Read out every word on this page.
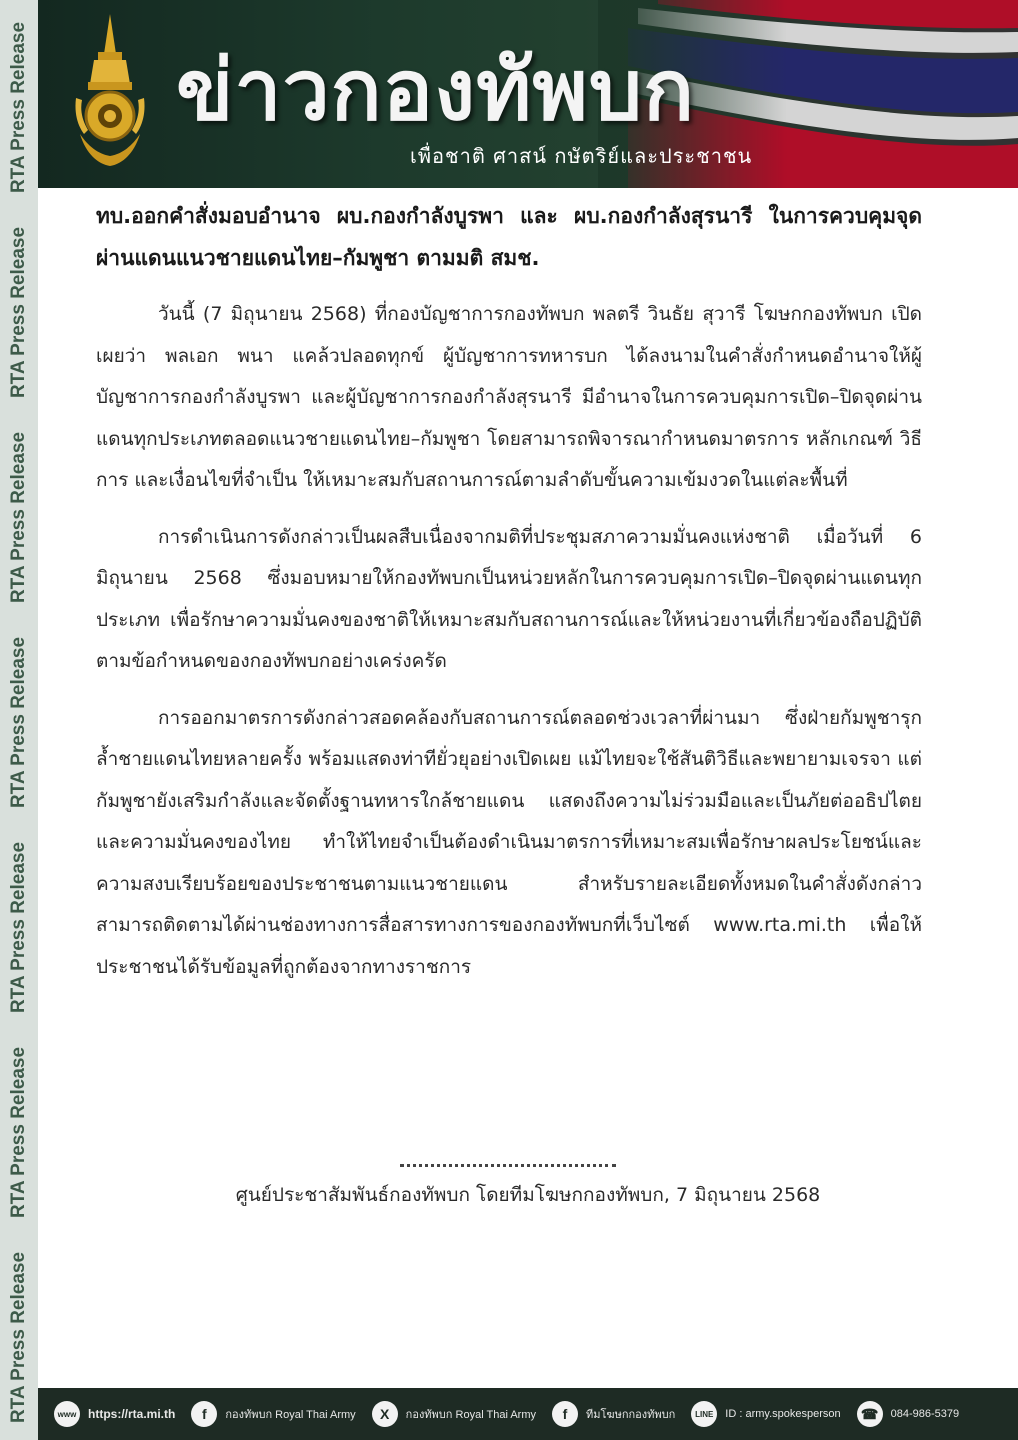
RTA Press Release
RTA Press Release
RTA Press Release
RTA Press Release
RTA Press Release
RTA Press Release
RTA Press Release ข่าวกองทัพบก
เพื่อชาติ ศาสน์ กษัตริย์และประชาชน
ทบ.ออกคำสั่งมอบอำนาจ ผบ.กองกำลังบูรพา และ ผบ.กองกำลังสุรนารี ในการควบคุมจุดผ่านแดนแนวชายแดนไทย–กัมพูชา ตามมติ สมช.

วันนี้ (7 มิถุนายน 2568) ที่กองบัญชาการกองทัพบก พลตรี วินธัย สุวารี โฆษกกองทัพบก เปิดเผยว่า พลเอก พนา แคล้วปลอดทุกข์ ผู้บัญชาการทหารบก ได้ลงนามในคำสั่งกำหนดอำนาจให้ผู้บัญชาการกองกำลังบูรพา และผู้บัญชาการกองกำลังสุรนารี มีอำนาจในการควบคุมการเปิด–ปิดจุดผ่านแดนทุกประเภทตลอดแนวชายแดนไทย–กัมพูชา โดยสามารถพิจารณากำหนดมาตรการ หลักเกณฑ์ วิธีการ และเงื่อนไขที่จำเป็น ให้เหมาะสมกับสถานการณ์ตามลำดับขั้นความเข้มงวดในแต่ละพื้นที่

การดำเนินการดังกล่าวเป็นผลสืบเนื่องจากมติที่ประชุมสภาความมั่นคงแห่งชาติ เมื่อวันที่ 6 มิถุนายน 2568 ซึ่งมอบหมายให้กองทัพบกเป็นหน่วยหลักในการควบคุมการเปิด–ปิดจุดผ่านแดนทุกประเภท เพื่อรักษาความมั่นคงของชาติให้เหมาะสมกับสถานการณ์และให้หน่วยงานที่เกี่ยวข้องถือปฏิบัติตามข้อกำหนดของกองทัพบกอย่างเคร่งครัด

การออกมาตรการดังกล่าวสอดคล้องกับสถานการณ์ตลอดช่วงเวลาที่ผ่านมา ซึ่งฝ่ายกัมพูชารุกล้ำชายแดนไทยหลายครั้ง พร้อมแสดงท่าทียั่วยุอย่างเปิดเผย แม้ไทยจะใช้สันติวิธีและพยายามเจรจา แต่กัมพูชายังเสริมกำลังและจัดตั้งฐานทหารใกล้ชายแดน แสดงถึงความไม่ร่วมมือและเป็นภัยต่ออธิปไตยและความมั่นคงของไทย ทำให้ไทยจำเป็นต้องดำเนินมาตรการที่เหมาะสมเพื่อรักษาผลประโยชน์และความสงบเรียบร้อยของประชาชนตามแนวชายแดน สำหรับรายละเอียดทั้งหมดในคำสั่งดังกล่าวสามารถติดตามได้ผ่านช่องทางการสื่อสารทางการของกองทัพบกที่เว็บไซต์ www.rta.mi.th เพื่อให้ประชาชนได้รับข้อมูลที่ถูกต้องจากทางราชการ

ศูนย์ประชาสัมพันธ์กองทัพบก โดยทีมโฆษกกองทัพบก, 7 มิถุนายน 2568
www https://rta.mi.th	f	กองทัพบก Royal Thai Army	X	กองทัพบก Royal Thai Army	f	ทีมโฆษกกองทัพบก	LINE	ID : army.spokesperson	☎	084-986-5379
